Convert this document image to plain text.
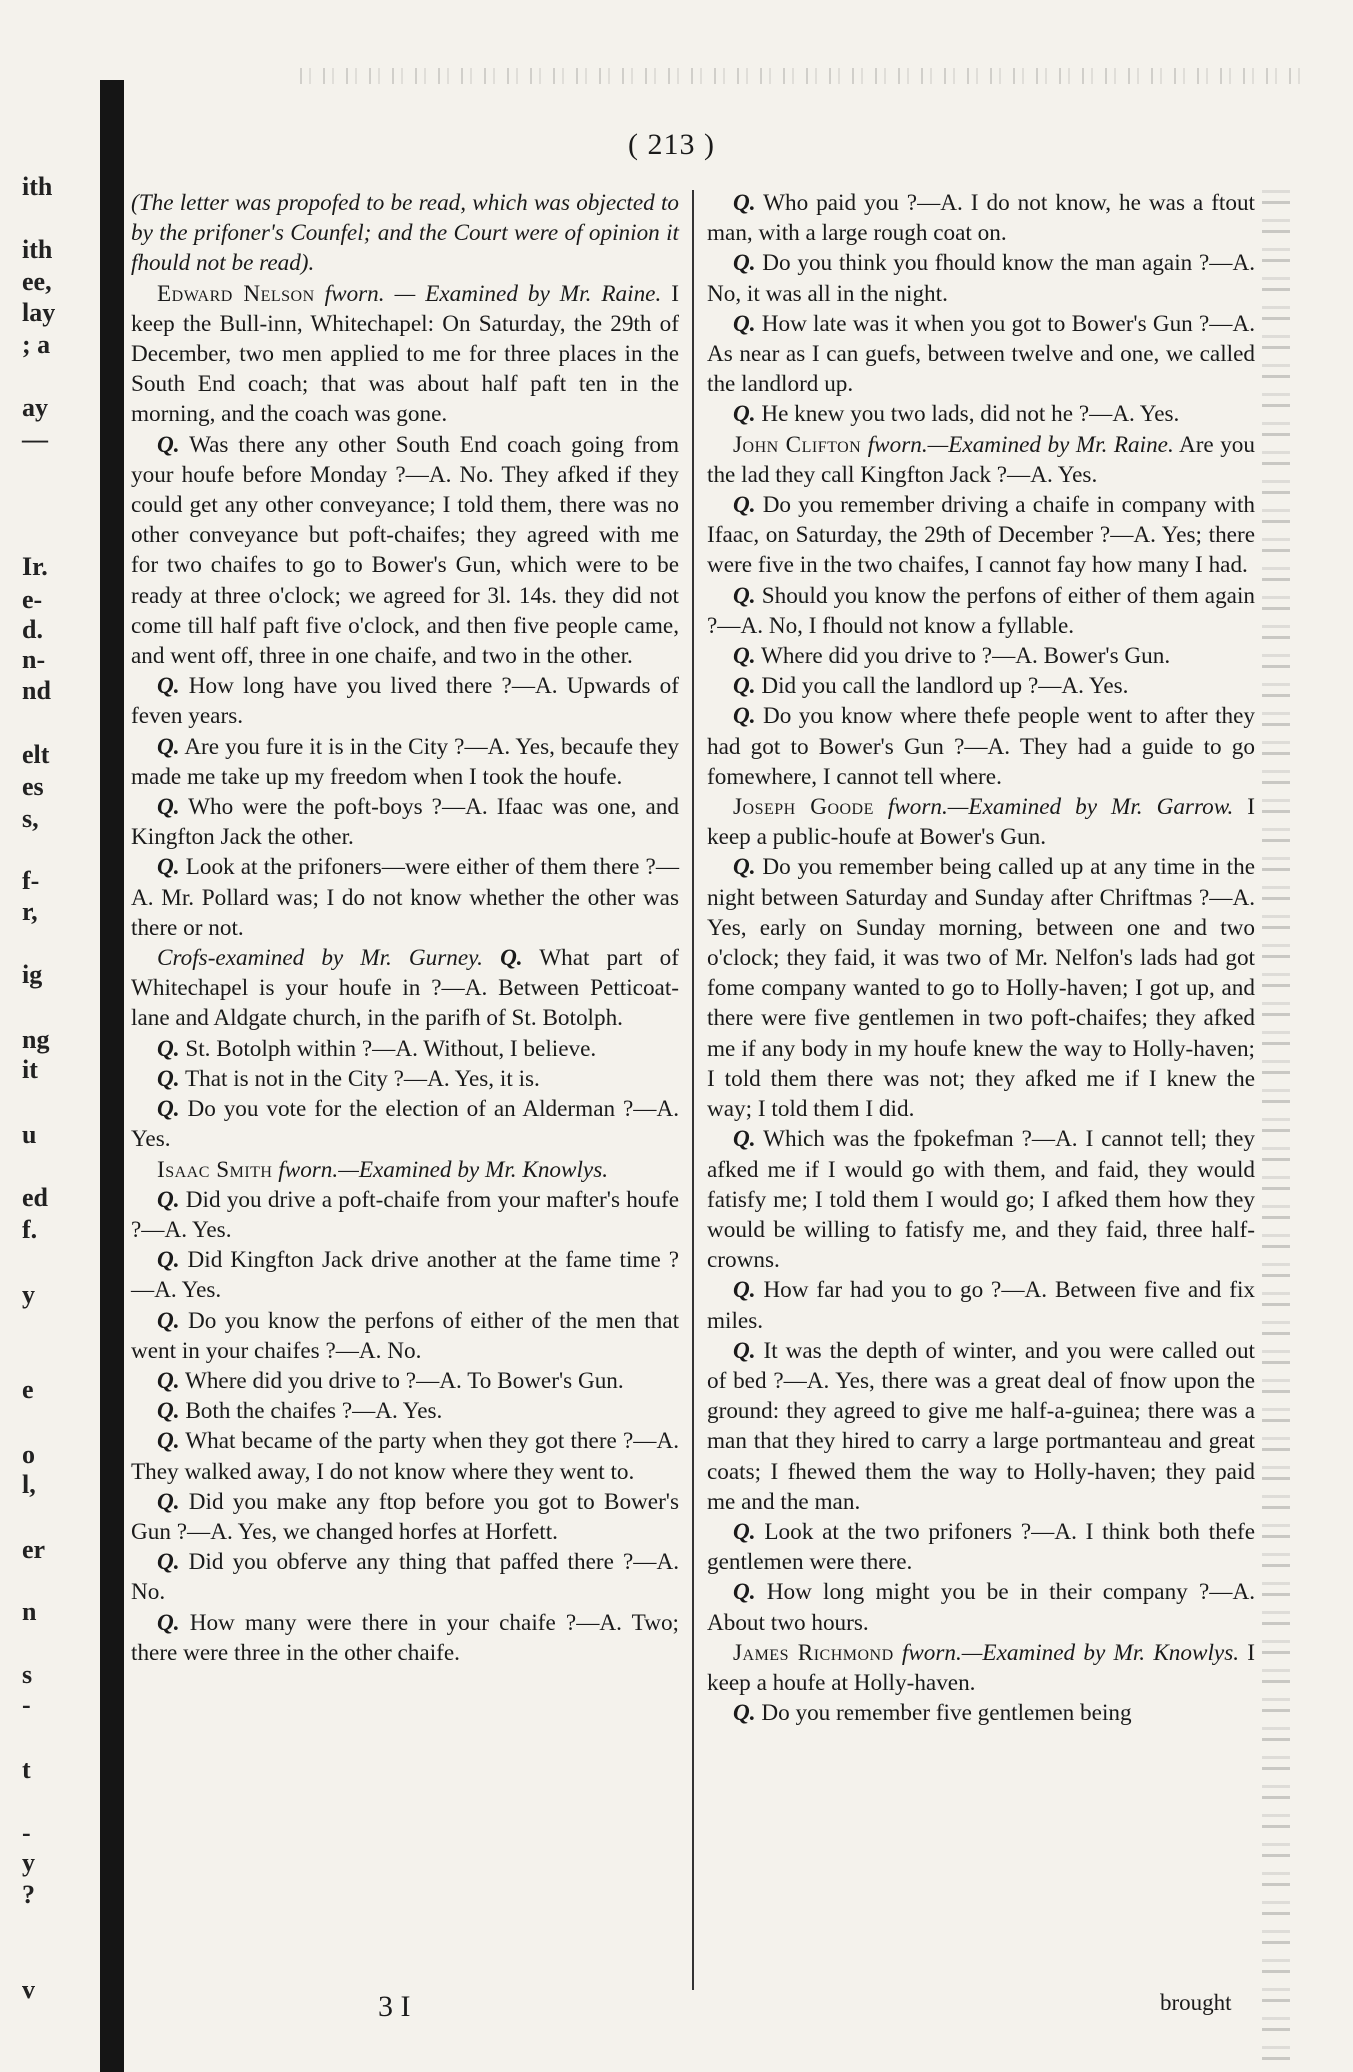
ith
ith
ee,
lay
; a
ay
—
Ir.
e-
d.
n-
nd
elt
es
s,
f-
r,
ig
ng
it
u
ed
f.
y
e
o
l,
er
n
s
-
t
-
y
?
v
( 213 )

(The letter was propofed to be read, which was objected to by the prifoner's Counfel; and the Court were of opinion it fhould not be read).

Edward Nelson fworn. — Examined by Mr. Raine. I keep the Bull-inn, Whitechapel: On Saturday, the 29th of December, two men applied to me for three places in the South End coach; that was about half paft ten in the morning, and the coach was gone.

Q. Was there any other South End coach going from your houfe before Monday ?—A. No. They afked if they could get any other conveyance; I told them, there was no other conveyance but poft-chaifes; they agreed with me for two chaifes to go to Bower's Gun, which were to be ready at three o'clock; we agreed for 3l. 14s. they did not come till half paft five o'clock, and then five people came, and went off, three in one chaife, and two in the other.

Q. How long have you lived there ?—A. Upwards of feven years.

Q. Are you fure it is in the City ?—A. Yes, becaufe they made me take up my freedom when I took the houfe.

Q. Who were the poft-boys ?—A. Ifaac was one, and Kingfton Jack the other.

Q. Look at the prifoners—were either of them there ?—A. Mr. Pollard was; I do not know whether the other was there or not.

Crofs-examined by Mr. Gurney. Q. What part of Whitechapel is your houfe in ?—A. Between Petticoat-lane and Aldgate church, in the parifh of St. Botolph.

Q. St. Botolph within ?—A. Without, I believe.

Q. That is not in the City ?—A. Yes, it is.

Q. Do you vote for the election of an Alderman ?—A. Yes.

Isaac Smith fworn.—Examined by Mr. Knowlys.

Q. Did you drive a poft-chaife from your mafter's houfe ?—A. Yes.

Q. Did Kingfton Jack drive another at the fame time ?—A. Yes.

Q. Do you know the perfons of either of the men that went in your chaifes ?—A. No.

Q. Where did you drive to ?—A. To Bower's Gun.

Q. Both the chaifes ?—A. Yes.

Q. What became of the party when they got there ?—A. They walked away, I do not know where they went to.

Q. Did you make any ftop before you got to Bower's Gun ?—A. Yes, we changed horfes at Horfett.

Q. Did you obferve any thing that paffed there ?—A. No.

Q. How many were there in your chaife ?—A. Two; there were three in the other chaife.

Q. Who paid you ?—A. I do not know, he was a ftout man, with a large rough coat on.

Q. Do you think you fhould know the man again ?—A. No, it was all in the night.

Q. How late was it when you got to Bower's Gun ?—A. As near as I can guefs, between twelve and one, we called the landlord up.

Q. He knew you two lads, did not he ?—A. Yes.

John Clifton fworn.—Examined by Mr. Raine. Are you the lad they call Kingfton Jack ?—A. Yes.

Q. Do you remember driving a chaife in company with Ifaac, on Saturday, the 29th of December ?—A. Yes; there were five in the two chaifes, I cannot fay how many I had.

Q. Should you know the perfons of either of them again ?—A. No, I fhould not know a fyllable.

Q. Where did you drive to ?—A. Bower's Gun.

Q. Did you call the landlord up ?—A. Yes.

Q. Do you know where thefe people went to after they had got to Bower's Gun ?—A. They had a guide to go fomewhere, I cannot tell where.

Joseph Goode fworn.—Examined by Mr. Garrow. I keep a public-houfe at Bower's Gun.

Q. Do you remember being called up at any time in the night between Saturday and Sunday after Chriftmas ?—A. Yes, early on Sunday morning, between one and two o'clock; they faid, it was two of Mr. Nelfon's lads had got fome company wanted to go to Holly-haven; I got up, and there were five gentlemen in two poft-chaifes; they afked me if any body in my houfe knew the way to Holly-haven; I told them there was not; they afked me if I knew the way; I told them I did.

Q. Which was the fpokefman ?—A. I cannot tell; they afked me if I would go with them, and faid, they would fatisfy me; I told them I would go; I afked them how they would be willing to fatisfy me, and they faid, three half-crowns.

Q. How far had you to go ?—A. Between five and fix miles.

Q. It was the depth of winter, and you were called out of bed ?—A. Yes, there was a great deal of fnow upon the ground: they agreed to give me half-a-guinea; there was a man that they hired to carry a large portmanteau and great coats; I fhewed them the way to Holly-haven; they paid me and the man.

Q. Look at the two prifoners ?—A. I think both thefe gentlemen were there.

Q. How long might you be in their company ?—A. About two hours.

James Richmond fworn.—Examined by Mr. Knowlys. I keep a houfe at Holly-haven.

Q. Do you remember five gentlemen being

3 I	brought
